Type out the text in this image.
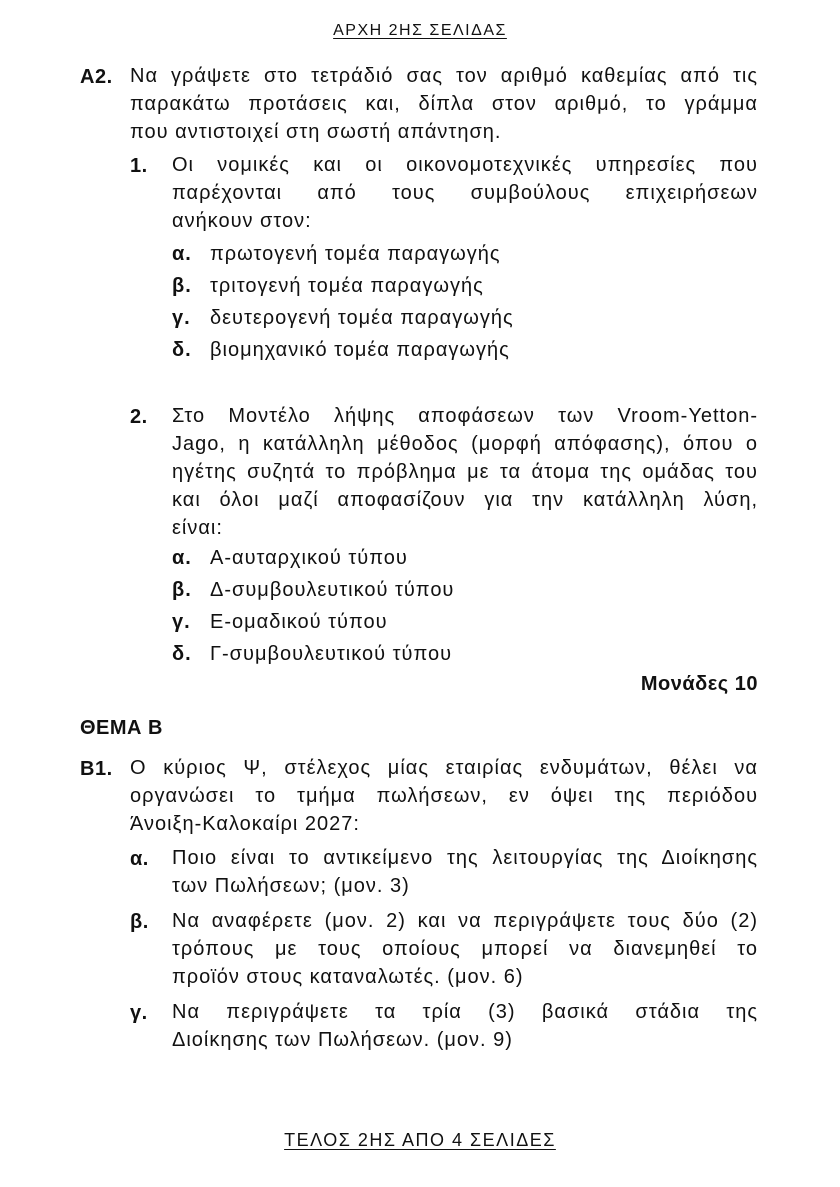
ΑΡΧΗ 2ΗΣ ΣΕΛΙΔΑΣ
Α2. Να γράψετε στο τετράδιό σας τον αριθμό καθεμίας από τις
παρακάτω προτάσεις και, δίπλα στον αριθμό, το γράμμα
που αντιστοιχεί στη σωστή απάντηση.
1. Οι νομικές και οι οικονομοτεχνικές υπηρεσίες που
παρέχονται από τους συμβούλους επιχειρήσεων
ανήκουν στον:
α. πρωτογενή τομέα παραγωγής
β. τριτογενή τομέα παραγωγής
γ. δευτερογενή τομέα παραγωγής
δ. βιομηχανικό τομέα παραγωγής
2. Στο Μοντέλο λήψης αποφάσεων των Vroom-Yetton-
Jago, η κατάλληλη μέθοδος (μορφή απόφασης), όπου ο
ηγέτης συζητά το πρόβλημα με τα άτομα της ομάδας του
και όλοι μαζί αποφασίζουν για την κατάλληλη λύση,
είναι:
α. Α-αυταρχικού τύπου
β. Δ-συμβουλευτικού τύπου
γ. Ε-ομαδικού τύπου
δ. Γ-συμβουλευτικού τύπου
Μονάδες 10
ΘΕΜΑ Β
Β1. Ο κύριος Ψ, στέλεχος μίας εταιρίας ενδυμάτων, θέλει να
οργανώσει το τμήμα πωλήσεων, εν όψει της περιόδου
Άνοιξη-Καλοκαίρι 2027:
α. Ποιο είναι το αντικείμενο της λειτουργίας της Διοίκησης
των Πωλήσεων; (μον. 3)
β. Να αναφέρετε (μον. 2) και να περιγράψετε τους δύο (2)
τρόπους με τους οποίους μπορεί να διανεμηθεί το
προϊόν στους καταναλωτές. (μον. 6)
γ. Να περιγράψετε τα τρία (3) βασικά στάδια της
Διοίκησης των Πωλήσεων. (μον. 9)
ΤΕΛΟΣ 2ΗΣ ΑΠΟ 4 ΣΕΛΙΔΕΣ
